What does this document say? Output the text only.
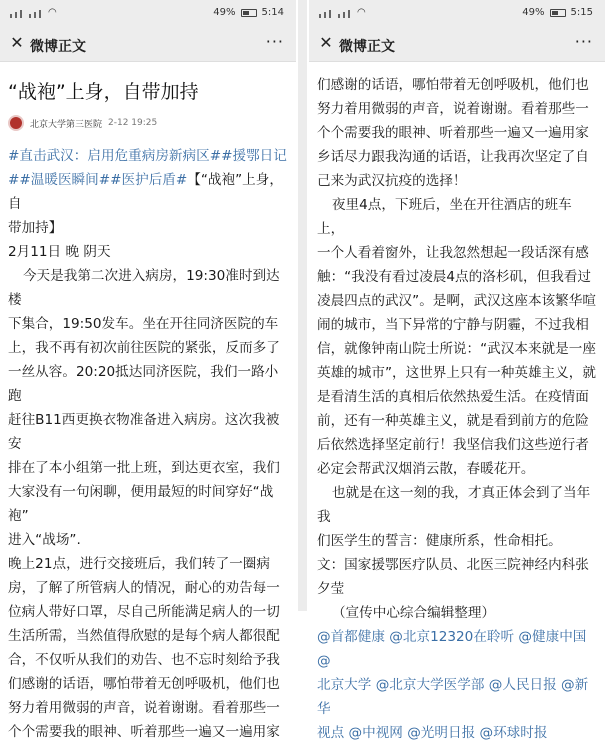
◠	49%	5:14
✕ 微博正文	···
“战袍”上身，自带加持
北京大学第三医院 2-12 19:25

#直击武汉：启用危重病房新病区##援鄂日记

##温暖医瞬间##医护后盾#【“战袍”上身，自

带加持】

2月11日 晚 阴天

今天是我第二次进入病房，19:30准时到达楼

下集合，19:50发车。坐在开往同济医院的车

上，我不再有初次前往医院的紧张，反而多了

一丝从容。20:20抵达同济医院，我们一路小跑

赶往B11西更换衣物准备进入病房。这次我被安

排在了本小组第一批上班，到达更衣室，我们

大家没有一句闲聊，便用最短的时间穿好“战袍”

进入“战场”.

晚上21点，进行交接班后，我们转了一圈病

房，了解了所管病人的情况，耐心的劝告每一

位病人带好口罩，尽自己所能满足病人的一切

生活所需，当然值得欣慰的是每个病人都很配

合，不仅听从我们的劝告、也不忘时刻给予我

们感谢的话语，哪怕带着无创呼吸机，他们也

努力着用微弱的声音，说着谢谢。看着那些一

个个需要我的眼神、听着那些一遍又一遍用家

◠	49%	5:15
✕ 微博正文	···

们感谢的话语，哪怕带着无创呼吸机，他们也

努力着用微弱的声音，说着谢谢。看着那些一

个个需要我的眼神、听着那些一遍又一遍用家

乡话尽力跟我沟通的话语，让我再次坚定了自

己来为武汉抗疫的选择！

夜里4点，下班后，坐在开往酒店的班车上，

一个人看着窗外，让我忽然想起一段话深有感

触：“我没有看过凌晨4点的洛杉矶，但我看过

凌晨四点的武汉”。是啊，武汉这座本该繁华喧

闹的城市，当下异常的宁静与阴霾，不过我相

信，就像钟南山院士所说：“武汉本来就是一座

英雄的城市”，这世界上只有一种英雄主义，就

是看清生活的真相后依然热爱生活。在疫情面

前，还有一种英雄主义，就是看到前方的危险

后依然选择坚定前行！我坚信我们这些逆行者

必定会帮武汉烟消云散，春暖花开。

也就是在这一刻的我，才真正体会到了当年我

们医学生的誓言：健康所系，性命相托。

文：国家援鄂医疗队员、北医三院神经内科张

夕莹

（宣传中心综合编辑整理）

@首都健康 @北京12320在聆听 @健康中国 @

北京大学 @北京大学医学部 @人民日报 @新华

视点 @中视网 @光明日报 @环球时报
